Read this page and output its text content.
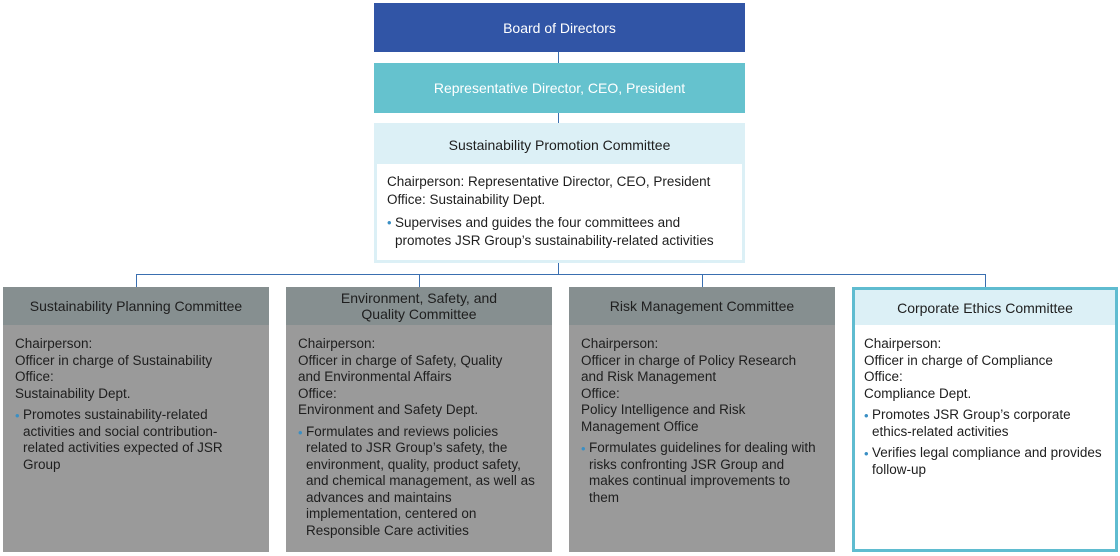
Board of Directors
Representative Director, CEO, President
Sustainability Promotion Committee
Chairperson: Representative Director, CEO, President
Office: Sustainability Dept.
• Supervises and guides the four committees and promotes JSR Group’s sustainability-related activities
Sustainability Planning Committee
Chairperson:
Officer in charge of Sustainability
Office:
Sustainability Dept.
• Promotes sustainability-related activities and social contribution-related activities expected of JSR Group
Environment, Safety, and Quality Committee
Chairperson:
Officer in charge of Safety, Quality and Environmental Affairs
Office:
Environment and Safety Dept.
• Formulates and reviews policies related to JSR Group’s safety, the environment, quality, product safety, and chemical management, as well as advances and maintains implementation, centered on Responsible Care activities
Risk Management Committee
Chairperson:
Officer in charge of Policy Research and Risk Management
Office:
Policy Intelligence and Risk Management Office
• Formulates guidelines for dealing with risks confronting JSR Group and makes continual improvements to them
Corporate Ethics Committee
Chairperson:
Officer in charge of Compliance
Office:
Compliance Dept.
• Promotes JSR Group’s corporate ethics-related activities
• Verifies legal compliance and provides follow-up
